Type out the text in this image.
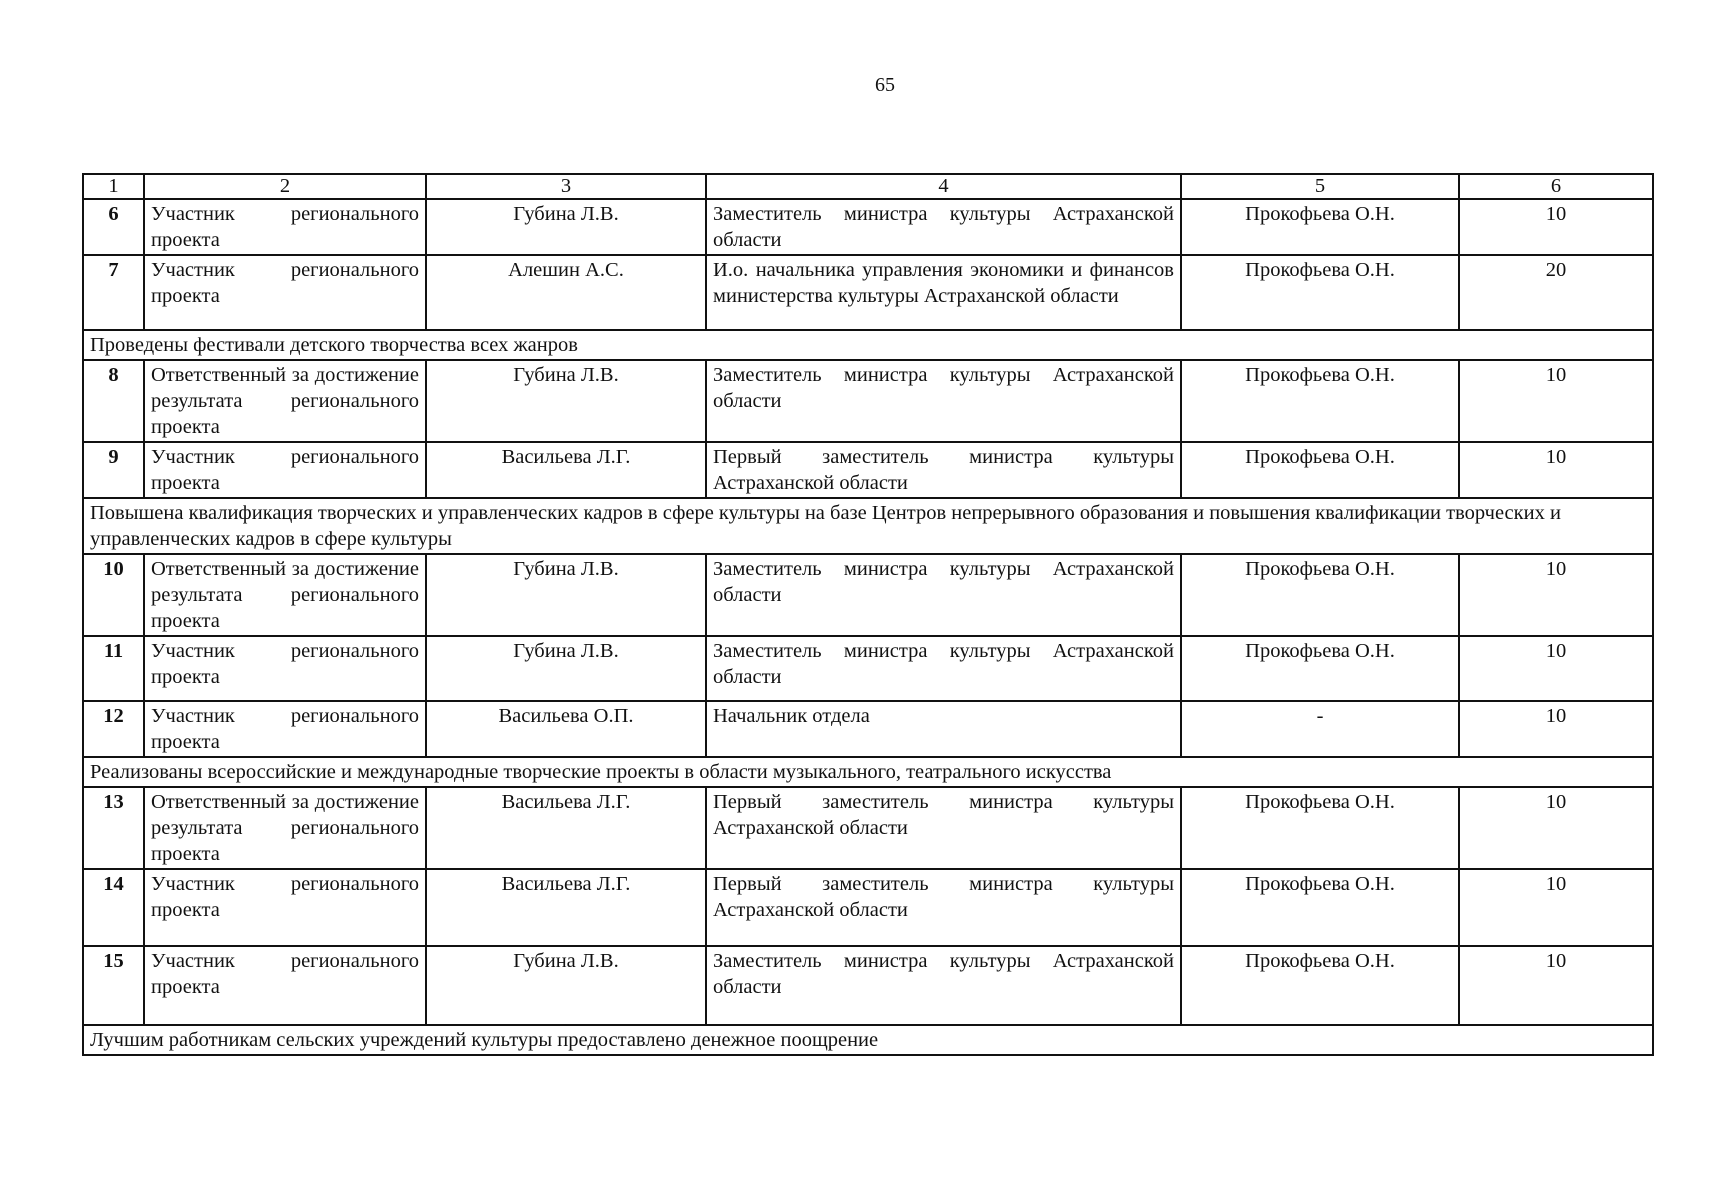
65
1	2	3	4	5	6
6	Участник регионального проекта	Губина Л.В.	Заместитель министра культуры Астраханской области	Прокофьева О.Н.	10
7	Участник регионального проекта	Алешин А.С.	И.о. начальника управления экономики и финансов министерства культуры Астраханской области	Прокофьева О.Н.	20
Проведены фестивали детского творчества всех жанров					
8	Ответственный за достижение результата регионального проекта	Губина Л.В.	Заместитель министра культуры Астраханской области	Прокофьева О.Н.	10
9	Участник регионального проекта	Васильева Л.Г.	Первый заместитель министра культуры Астраханской области	Прокофьева О.Н.	10
Повышена квалификация творческих и управленческих кадров в сфере культуры на базе Центров непрерывного образования и повышения квалификации творческих и управленческих кадров в сфере культуры					
10	Ответственный за достижение результата регионального проекта	Губина Л.В.	Заместитель министра культуры Астраханской области	Прокофьева О.Н.	10
11	Участник регионального проекта	Губина Л.В.	Заместитель министра культуры Астраханской области	Прокофьева О.Н.	10
12	Участник регионального проекта	Васильева О.П.	Начальник отдела	-	10
Реализованы всероссийские и международные творческие проекты в области музыкального, театрального искусства					
13	Ответственный за достижение результата регионального проекта	Васильева Л.Г.	Первый заместитель министра культуры Астраханской области	Прокофьева О.Н.	10
14	Участник регионального проекта	Васильева Л.Г.	Первый заместитель министра культуры Астраханской области	Прокофьева О.Н.	10
15	Участник регионального проекта	Губина Л.В.	Заместитель министра культуры Астраханской области	Прокофьева О.Н.	10
Лучшим работникам сельских учреждений культуры предоставлено денежное поощрение					
